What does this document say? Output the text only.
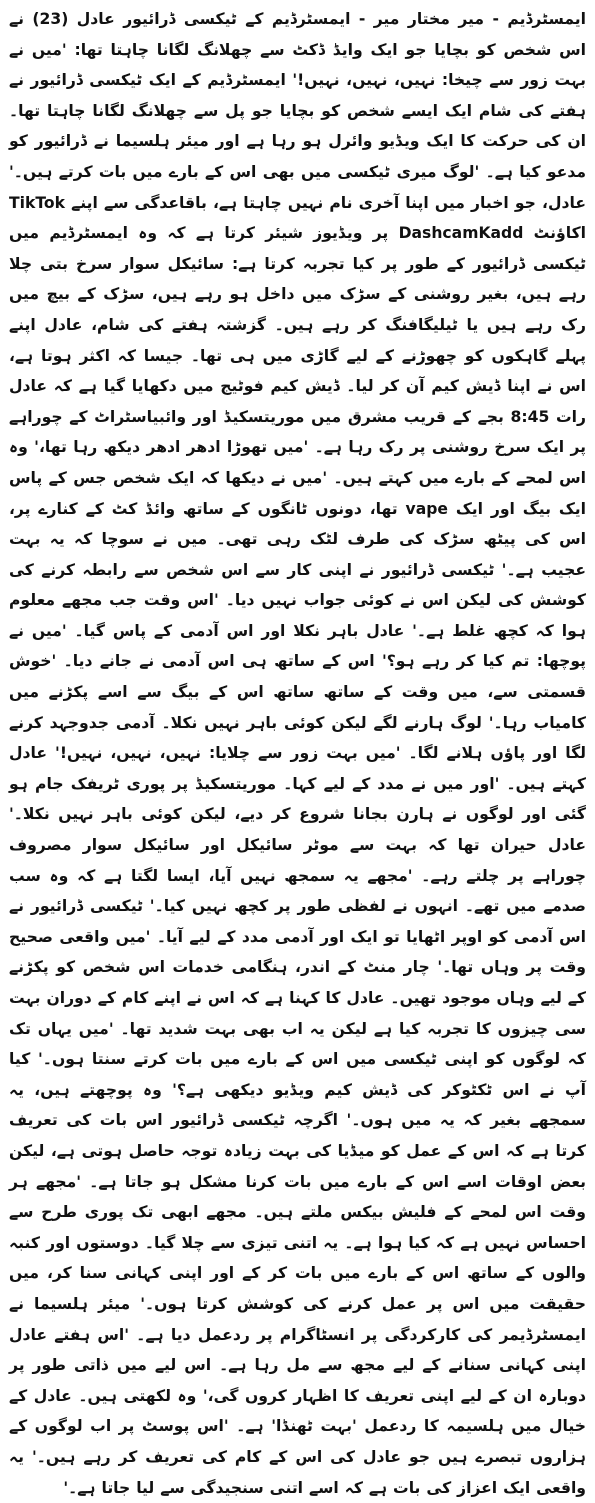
ایمسٹرڈیم - میر مختار میر - ایمسٹرڈیم کے ٹیکسی ڈرائیور عادل (23) نے اس شخص کو بچایا جو ایک وایڈ ڈکٹ سے چھلانگ لگانا چاہتا تھا: 'میں نے بہت زور سے چیخا: نہیں، نہیں، نہیں!' ایمسٹرڈیم کے ایک ٹیکسی ڈرائیور نے ہفتے کی شام ایک ایسے شخص کو بچایا جو پل سے چھلانگ لگانا چاہتا تھا۔ ان کی حرکت کا ایک ویڈیو وائرل ہو رہا ہے اور میئر ہلسیما نے ڈرائیور کو مدعو کیا ہے۔ 'لوگ میری ٹیکسی میں بھی اس کے بارے میں بات کرتے ہیں۔' عادل، جو اخبار میں اپنا آخری نام نہیں چاہتا ہے، باقاعدگی سے اپنے TikTok اکاؤنٹ DashcamKadd پر ویڈیوز شیئر کرتا ہے کہ وہ ایمسٹرڈیم میں ٹیکسی ڈرائیور کے طور پر کیا تجربہ کرتا ہے: سائیکل سوار سرخ بتی چلا رہے ہیں، بغیر روشنی کے سڑک میں داخل ہو رہے ہیں، سڑک کے بیچ میں رک رہے ہیں یا ٹیلیگافنگ کر رہے ہیں۔ گزشتہ ہفتے کی شام، عادل اپنے پہلے گاہکوں کو چھوڑنے کے لیے گاڑی میں ہی تھا۔ جیسا کہ اکثر ہوتا ہے، اس نے اپنا ڈیش کیم آن کر لیا۔ ڈیش کیم فوٹیج میں دکھایا گیا ہے کہ عادل رات 8:45 بجے کے قریب مشرق میں موریتسکیڈ اور وائبیاسٹراٹ کے چوراہے پر ایک سرخ روشنی پر رک رہا ہے۔ 'میں تھوڑا ادھر ادھر دیکھ رہا تھا،' وہ اس لمحے کے بارے میں کہتے ہیں۔ 'میں نے دیکھا کہ ایک شخص جس کے پاس ایک بیگ اور ایک vape تھا، دونوں ٹانگوں کے ساتھ وائڈ کٹ کے کنارے پر، اس کی پیٹھ سڑک کی طرف لٹک رہی تھی۔ میں نے سوچا کہ یہ بہت عجیب ہے۔' ٹیکسی ڈرائیور نے اپنی کار سے اس شخص سے رابطہ کرنے کی کوشش کی لیکن اس نے کوئی جواب نہیں دیا۔ 'اس وقت جب مجھے معلوم ہوا کہ کچھ غلط ہے۔' عادل باہر نکلا اور اس آدمی کے پاس گیا۔ 'میں نے پوچھا: تم کیا کر رہے ہو؟' اس کے ساتھ ہی اس آدمی نے جانے دیا۔ 'خوش قسمتی سے، میں وقت کے ساتھ ساتھ اس کے بیگ سے اسے پکڑنے میں کامیاب رہا۔' لوگ ہارنے لگے لیکن کوئی باہر نہیں نکلا۔ آدمی جدوجہد کرنے لگا اور پاؤں ہلانے لگا۔ 'میں بہت زور سے چلایا: نہیں، نہیں، نہیں!' عادل کہتے ہیں۔ 'اور میں نے مدد کے لیے کہا۔ موریتسکیڈ پر پوری ٹریفک جام ہو گئی اور لوگوں نے ہارن بجانا شروع کر دیے، لیکن کوئی باہر نہیں نکلا۔' عادل حیران تھا کہ بہت سے موٹر سائیکل اور سائیکل سوار مصروف چوراہے پر چلتے رہے۔ 'مجھے یہ سمجھ نہیں آیا، ایسا لگتا ہے کہ وہ سب صدمے میں تھے۔ انہوں نے لفظی طور پر کچھ نہیں کیا۔' ٹیکسی ڈرائیور نے اس آدمی کو اوپر اٹھایا تو ایک اور آدمی مدد کے لیے آیا۔ 'میں واقعی صحیح وقت پر وہاں تھا۔' چار منٹ کے اندر، ہنگامی خدمات اس شخص کو پکڑنے کے لیے وہاں موجود تھیں۔ عادل کا کہنا ہے کہ اس نے اپنے کام کے دوران بہت سی چیزوں کا تجربہ کیا ہے لیکن یہ اب بھی بہت شدید تھا۔ 'میں یہاں تک کہ لوگوں کو اپنی ٹیکسی میں اس کے بارے میں بات کرتے سنتا ہوں۔' کیا آپ نے اس ٹکٹوکر کی ڈیش کیم ویڈیو دیکھی ہے؟' وہ پوچھتے ہیں، یہ سمجھے بغیر کہ یہ میں ہوں۔' اگرچہ ٹیکسی ڈرائیور اس بات کی تعریف کرتا ہے کہ اس کے عمل کو میڈیا کی بہت زیادہ توجہ حاصل ہوتی ہے، لیکن بعض اوقات اسے اس کے بارے میں بات کرنا مشکل ہو جاتا ہے۔ 'مجھے ہر وقت اس لمحے کے فلیش بیکس ملتے ہیں۔ مجھے ابھی تک پوری طرح سے احساس نہیں ہے کہ کیا ہوا ہے۔ یہ اتنی تیزی سے چلا گیا۔ دوستوں اور کنبہ والوں کے ساتھ اس کے بارے میں بات کر کے اور اپنی کہانی سنا کر، میں حقیقت میں اس پر عمل کرنے کی کوشش کرتا ہوں۔' میئر ہلسیما نے ایمسٹرڈیمر کی کارکردگی پر انسٹاگرام پر ردعمل دیا ہے۔ 'اس ہفتے عادل اپنی کہانی سنانے کے لیے مجھ سے مل رہا ہے۔ اس لیے میں ذاتی طور پر دوبارہ ان کے لیے اپنی تعریف کا اظہار کروں گی،' وہ لکھتی ہیں۔ عادل کے خیال میں ہلسیمہ کا ردعمل 'بہت ٹھنڈا' ہے۔ 'اس پوسٹ پر اب لوگوں کے ہزاروں تبصرے ہیں جو عادل کی اس کے کام کی تعریف کر رہے ہیں۔' یہ واقعی ایک اعزاز کی بات ہے کہ اسے اتنی سنجیدگی سے لیا جاتا ہے۔'
